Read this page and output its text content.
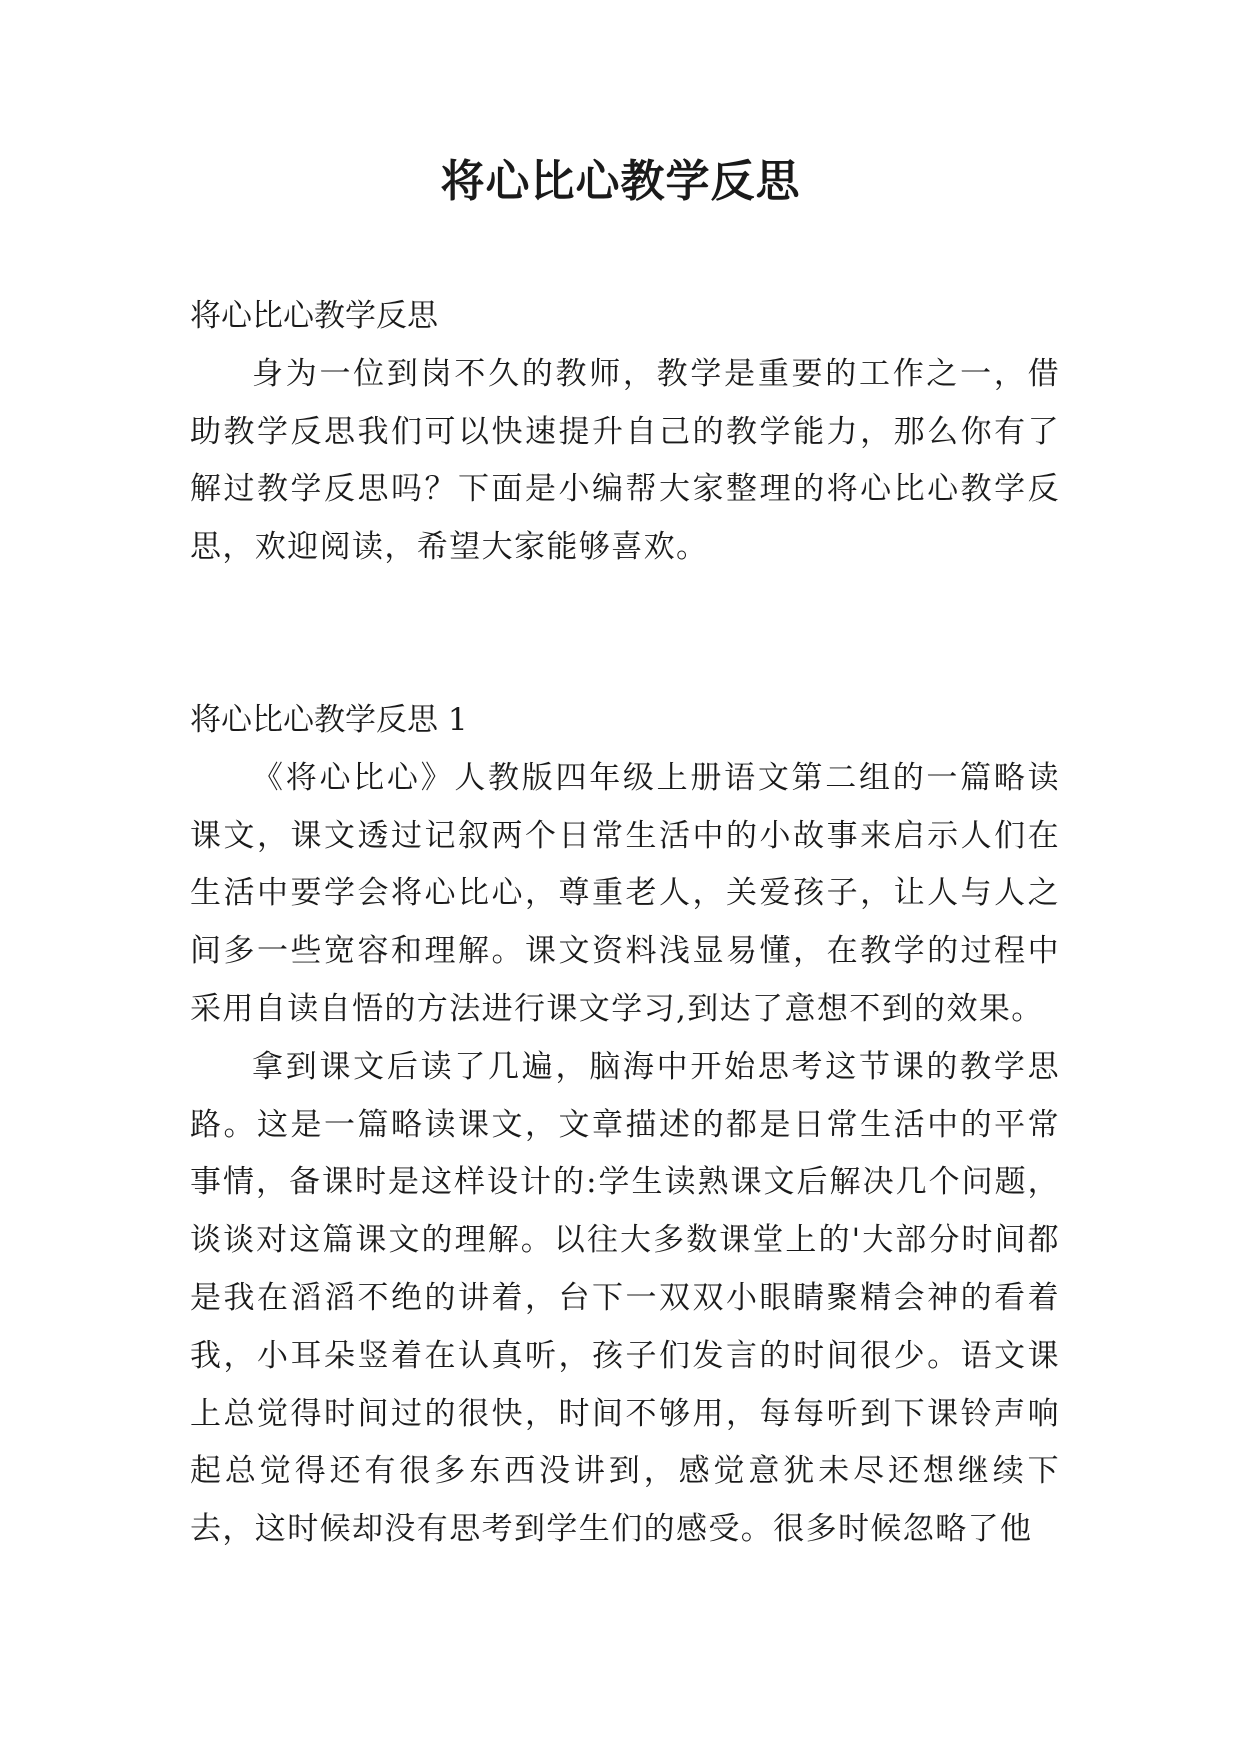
将心比心教学反思

将心比心教学反思

身为一位到岗不久的教师，教学是重要的工作之一，借助教学反思我们可以快速提升自己的教学能力，那么你有了解过教学反思吗？下面是小编帮大家整理的将心比心教学反思，欢迎阅读，希望大家能够喜欢。

将心比心教学反思 1

《将心比心》人教版四年级上册语文第二组的一篇略读课文，课文透过记叙两个日常生活中的小故事来启示人们在生活中要学会将心比心，尊重老人，关爱孩子，让人与人之间多一些宽容和理解。课文资料浅显易懂，在教学的过程中采用自读自悟的方法进行课文学习,到达了意想不到的效果。

拿到课文后读了几遍，脑海中开始思考这节课的教学思路。这是一篇略读课文，文章描述的都是日常生活中的平常事情，备课时是这样设计的:学生读熟课文后解决几个问题，谈谈对这篇课文的理解。以往大多数课堂上的'大部分时间都是我在滔滔不绝的讲着，台下一双双小眼睛聚精会神的看着我，小耳朵竖着在认真听，孩子们发言的时间很少。语文课上总觉得时间过的很快，时间不够用，每每听到下课铃声响起总觉得还有很多东西没讲到，感觉意犹未尽还想继续下去，这时候却没有思考到学生们的感受。很多时候忽略了他
